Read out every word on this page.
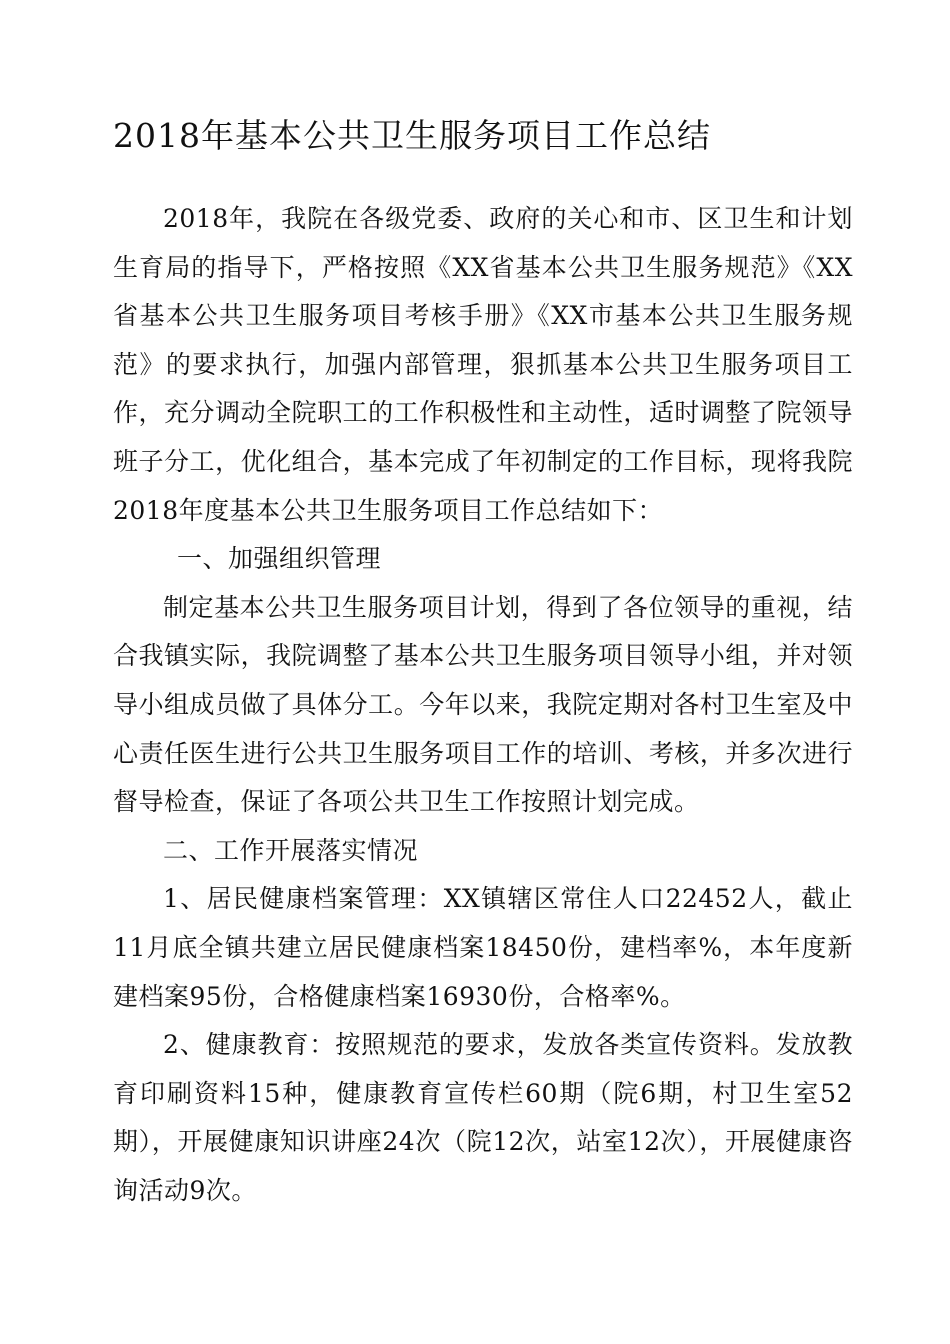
2018年基本公共卫生服务项目工作总结

2018年，我院在各级党委、政府的关心和市、区卫生和计划生育局的指导下，严格按照《XX省基本公共卫生服务规范》《XX省基本公共卫生服务项目考核手册》《XX市基本公共卫生服务规范》的要求执行，加强内部管理，狠抓基本公共卫生服务项目工作，充分调动全院职工的工作积极性和主动性，适时调整了院领导班子分工，优化组合，基本完成了年初制定的工作目标，现将我院2018年度基本公共卫生服务项目工作总结如下：

一、加强组织管理

制定基本公共卫生服务项目计划，得到了各位领导的重视，结合我镇实际，我院调整了基本公共卫生服务项目领导小组，并对领导小组成员做了具体分工。今年以来，我院定期对各村卫生室及中心责任医生进行公共卫生服务项目工作的培训、考核，并多次进行督导检查，保证了各项公共卫生工作按照计划完成。

二、工作开展落实情况

1、居民健康档案管理：XX镇辖区常住人口22452人，截止11月底全镇共建立居民健康档案18450份，建档率%，本年度新建档案95份，合格健康档案16930份，合格率%。

2、健康教育：按照规范的要求，发放各类宣传资料。发放教育印刷资料15种，健康教育宣传栏60期（院6期，村卫生室52期），开展健康知识讲座24次（院12次，站室12次），开展健康咨询活动9次。
